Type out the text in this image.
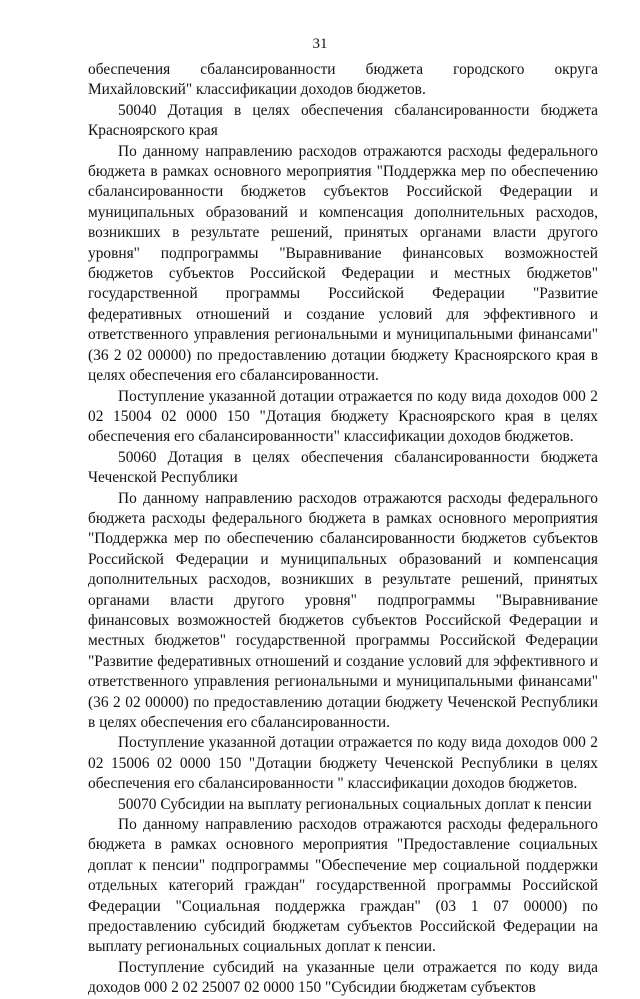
31

обеспечения сбалансированности бюджета городского округа Михайловский" классификации доходов бюджетов.

50040 Дотация в целях обеспечения сбалансированности бюджета Красноярского края

По данному направлению расходов отражаются расходы федерального бюджета в рамках основного мероприятия "Поддержка мер по обеспечению сбалансированности бюджетов субъектов Российской Федерации и муниципальных образований и компенсация дополнительных расходов, возникших в результате решений, принятых органами власти другого уровня" подпрограммы "Выравнивание финансовых возможностей бюджетов субъектов Российской Федерации и местных бюджетов" государственной программы Российской Федерации "Развитие федеративных отношений и создание условий для эффективного и ответственного управления региональными и муниципальными финансами" (36 2 02 00000) по предоставлению дотации бюджету Красноярского края в целях обеспечения его сбалансированности.

Поступление указанной дотации отражается по коду вида доходов 000 2 02 15004 02 0000 150 "Дотация бюджету Красноярского края в целях обеспечения его сбалансированности" классификации доходов бюджетов.

50060 Дотация в целях обеспечения сбалансированности бюджета Чеченской Республики

По данному направлению расходов отражаются расходы федерального бюджета расходы федерального бюджета в рамках основного мероприятия "Поддержка мер по обеспечению сбалансированности бюджетов субъектов Российской Федерации и муниципальных образований и компенсация дополнительных расходов, возникших в результате решений, принятых органами власти другого уровня" подпрограммы "Выравнивание финансовых возможностей бюджетов субъектов Российской Федерации и местных бюджетов" государственной программы Российской Федерации "Развитие федеративных отношений и создание условий для эффективного и ответственного управления региональными и муниципальными финансами" (36 2 02 00000) по предоставлению дотации бюджету Чеченской Республики в целях обеспечения его сбалансированности.

Поступление указанной дотации отражается по коду вида доходов 000 2 02 15006 02 0000 150 "Дотации бюджету Чеченской Республики в целях обеспечения его сбалансированности " классификации доходов бюджетов.

50070 Субсидии на выплату региональных социальных доплат к пенсии

По данному направлению расходов отражаются расходы федерального бюджета в рамках основного мероприятия "Предоставление социальных доплат к пенсии" подпрограммы "Обеспечение мер социальной поддержки отдельных категорий граждан" государственной программы Российской Федерации "Социальная поддержка граждан" (03 1 07 00000) по предоставлению субсидий бюджетам субъектов Российской Федерации на выплату региональных социальных доплат к пенсии.

Поступление субсидий на указанные цели отражается по коду вида доходов 000 2 02 25007 02 0000 150 "Субсидии бюджетам субъектов
